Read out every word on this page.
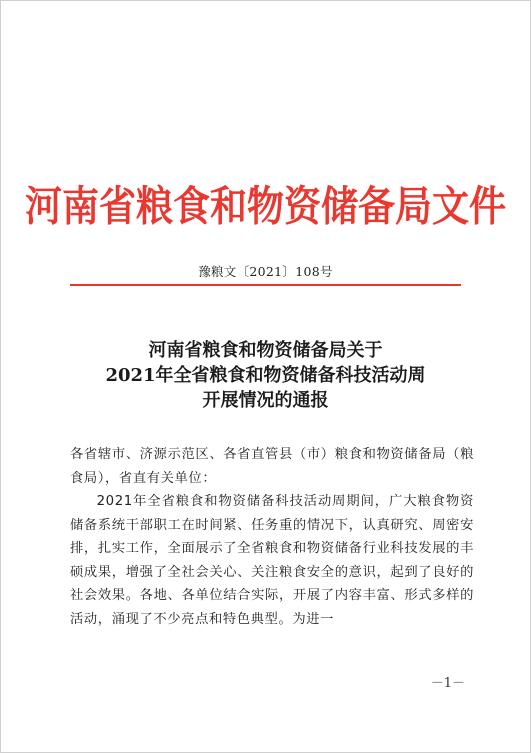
河南省粮食和物资储备局文件
豫粮文〔2021〕108号
河南省粮食和物资储备局关于
2021年全省粮食和物资储备科技活动周
开展情况的通报

各省辖市、济源示范区、各省直管县（市）粮食和物资储备局（粮食局），省直有关单位：

2021年全省粮食和物资储备科技活动周期间，广大粮食物资储备系统干部职工在时间紧、任务重的情况下，认真研究、周密安排，扎实工作，全面展示了全省粮食和物资储备行业科技发展的丰硕成果，增强了全社会关心、关注粮食安全的意识，起到了良好的社会效果。各地、各单位结合实际，开展了内容丰富、形式多样的活动，涌现了不少亮点和特色典型。为进一

－1－
